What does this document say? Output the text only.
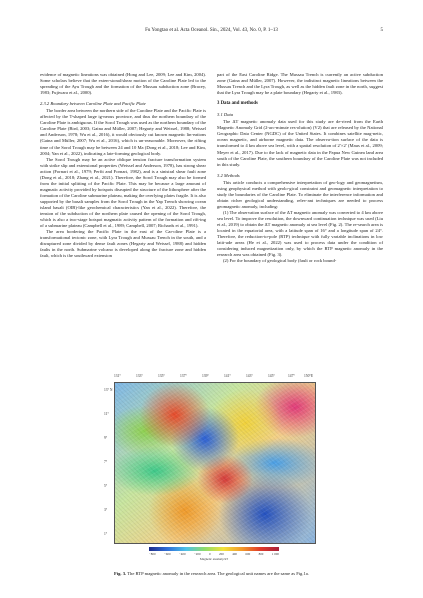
Fu Yongtao et al. Acta Oceanol. Sin., 2024, Vol. 43, No. 0, P. 1–13	5

evidence of magnetic lineations was obtained (Hong and Lee, 2009; Lee and Kim, 2004). Some scholars believe that the exten-sional/shear motion of the Caroline Plate led to the spreading of the Ayu Trough and the formation of the Mussau subduction zone (Bracey, 1983; Fujiwara et al., 2000).

2.3.2 Boundary between Caroline Plate and Pacific Plate

The border area between the northern side of the Caroline Plate and the Pacific Plate is affected by the T-shaped large ig-neous province, and thus the northern boundary of the Caroline Plate is ambiguous. If the Sorol Trough was used as the northern boundary of the Caroline Plate (Bird, 2003; Gaina and Müller, 2007; Hegarty and Weissel, 1988; Weissel and Anderson, 1978; Wu et al., 2016), it would obviously cut known magnetic lin-eations (Gaina and Müller, 2007; Wu et al., 2016), which is un-reasonable. Moreover, the rifting time of the Sorol Trough may be between 24 and 10 Ma (Dong et al., 2018; Lee and Kim, 2004; Yan et al., 2022), indicating a late-forming geological body.

The Sorol Trough may be an active oblique tension fracture transformation system with strike slip and extensional properties (Weissel and Anderson, 1978), has strong shear action (Fornari et al., 1979; Perfit and Fornari, 1982), and is a sinistral shear fault zone (Dong et al., 2018; Zhang et al., 2021). Therefore, the Sorol Trough may also be formed from the initial splitting of the Pacific Plate. This may be because a large amount of magmatic activity provided by hotspots disrupted the structure of the lithosphere after the formation of the Caroline submarine plateau, making the overlying plates fragile. It is also supported by the basalt samples from the Sorol Trough in the Yap Trench showing ocean island basalt (OIB)-like geochemical characteristics (Yan et al., 2022). Therefore, the tension of the subduction of the northern plate caused the opening of the Sorol Trough, which is also a two-stage hotspot magmatic activity pattern of the formation and rift-ing of a submarine plateau (Campbell et al., 1989; Campbell, 2007; Richards et al., 1991).

The area bordering the Pacific Plate in the east of the Car-oline Plate is a transformational tectonic zone, with Lyra Trough and Mussau Trench in the south, and a disruptured zone divided by dense fault zones (Hegarty and Weissel, 1988) and hidden faults in the north. Submarine volcano is developed along the fracture zone and hidden fault, which is the southward extension

part of the East Caroline Ridge. The Mussau Trench is currently an active subduction zone (Gaina and Müller, 2007). However, the indistinct magnetic lineations between the Mussau Trench and the Lyra Trough, as well as the hidden fault zone in the north, suggest that the Lyra Trough may be a plate boundary (Hegarty et al., 1983).

3 Data and methods
3.1 Data

The ΔT magnetic anomaly data used for this study are de-rived from the Earth Magnetic Anomaly Grid (2-arc-minute res-olution) (V2) that are released by the National Geographic Data Center (NGDC) of the United States. It combines satellite mag-netic, ocean magnetic, and airborne magnetic data. The observa-tion surface of the data is transformed to 4 km above sea level, with a spatial resolution of 2′×2′ (Maus et al., 2009; Meyer et al., 2017). Due to the lack of magnetic data in the Papua New Guinea land area south of the Caroline Plate, the southern boundary of the Caroline Plate was not included in this study.

3.2 Methods

This article conducts a comprehensive interpretation of geo-logy and geomagnetism, using geophysical method with geolo-gical constraint and geomagnetic interpretation to study the boundaries of the Caroline Plate. To eliminate the interference information and obtain richer geological understanding, relev-ant techniques are needed to process geomagnetic anomaly, including:

(1) The observation surface of the ΔT magnetic anomaly was converted to 4 km above sea level. To improve the resolution, the downward continuation technique was used (Liu et al., 2019) to obtain the ΔT magnetic anomaly at sea level (Fig. 2). The re-search area is located in the equatorial area, with a latitude span of 16° and a longitude span of 24°. Therefore, the reduction-to-pole (RTP) technique with fully variable inclinations in low latit-ude areas (He et al., 2022) was used to process data under the condition of considering induced magnetization only, by which the RTP magnetic anomaly in the research area was obtained (Fig. 3).

(2) For the boundary of geological body (fault or rock bound-

131°	133°	135°	137°	139°	141°	143°	145°	147°	150°E
13° N
11°
9°
7°
5°
3°
1°
−800	−600	−400	−200	0	200	400	600	800	1 000
Magnetic anomaly/nT
Fig. 3. The RTP magnetic anomaly in the research area. The geological unit names are the same as Fig.1a.
